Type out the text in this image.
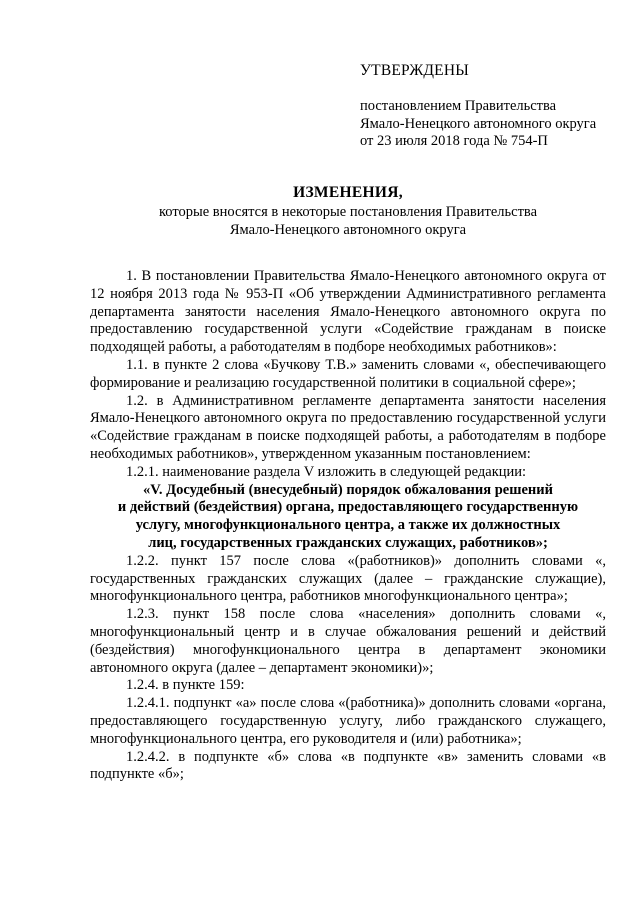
УТВЕРЖДЕНЫ
постановлением Правительства
Ямало-Ненецкого автономного округа
от 23 июля 2018 года № 754-П
ИЗМЕНЕНИЯ,
которые вносятся в некоторые постановления Правительства
Ямало-Ненецкого автономного округа

1. В постановлении Правительства Ямало-Ненецкого автономного округа от 12 ноября 2013 года № 953-П «Об утверждении Административного регламента департамента занятости населения Ямало-Ненецкого автономного округа по предоставлению государственной услуги «Содействие гражданам в поиске подходящей работы, а работодателям в подборе необходимых работников»:

1.1. в пункте 2 слова «Бучкову Т.В.» заменить словами «, обеспечивающего формирование и реализацию государственной политики в социальной сфере»;

1.2. в Административном регламенте департамента занятости населения Ямало-Ненецкого автономного округа по предоставлению государственной услуги «Содействие гражданам в поиске подходящей работы, а работодателям в подборе необходимых работников», утвержденном указанным постановлением:

1.2.1. наименование раздела V изложить в следующей редакции:

«V. Досудебный (внесудебный) порядок обжалования решений
и действий (бездействия) органа, предоставляющего государственную
услугу, многофункционального центра, а также их должностных
лиц, государственных гражданских служащих, работников»;

1.2.2. пункт 157 после слова «(работников)» дополнить словами «, государственных гражданских служащих (далее – гражданские служащие), многофункционального центра, работников многофункционального центра»;

1.2.3. пункт 158 после слова «населения» дополнить словами «, многофункциональный центр и в случае обжалования решений и действий (бездействия) многофункционального центра в департамент экономики автономного округа (далее – департамент экономики)»;

1.2.4. в пункте 159:

1.2.4.1. подпункт «а» после слова «(работника)» дополнить словами «органа, предоставляющего государственную услугу, либо гражданского служащего, многофункционального центра, его руководителя и (или) работника»;

1.2.4.2. в подпункте «б» слова «в подпункте «в» заменить словами «в подпункте «б»;
